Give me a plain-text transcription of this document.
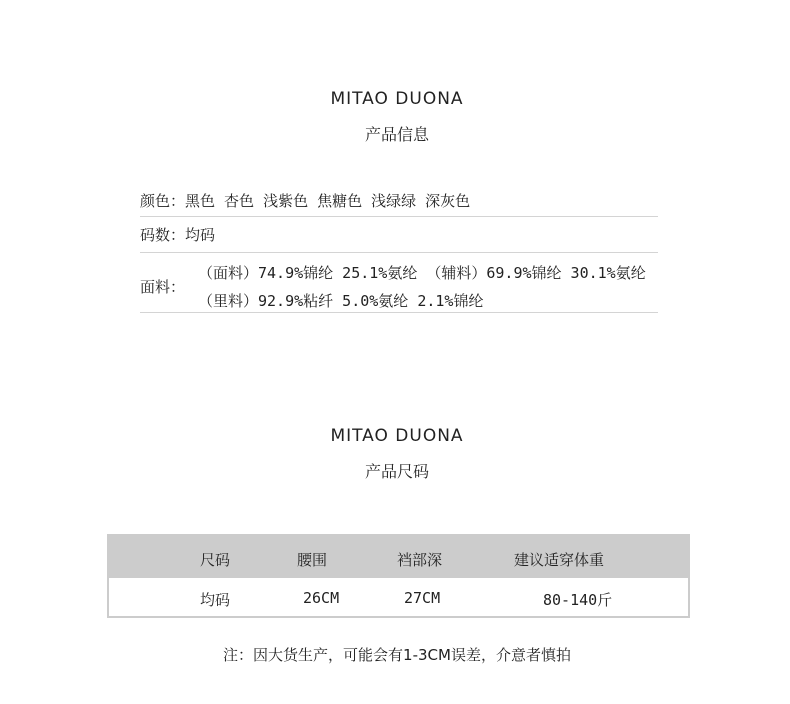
MITAO DUONA
产品信息
颜色：黑色 杏色 浅紫色 焦糖色 浅绿绿 深灰色
码数：均码
面料：
（面料）74.9%锦纶 25.1%氨纶 （辅料）69.9%锦纶 30.1%氨纶
（里料）92.9%粘纤 5.0%氨纶 2.1%锦纶
MITAO DUONA
产品尺码
尺码	腰围	裆部深	建议适穿体重
均码	26CM	27CM	80-140斤
注：因大货生产，可能会有1-3CM误差，介意者慎拍
